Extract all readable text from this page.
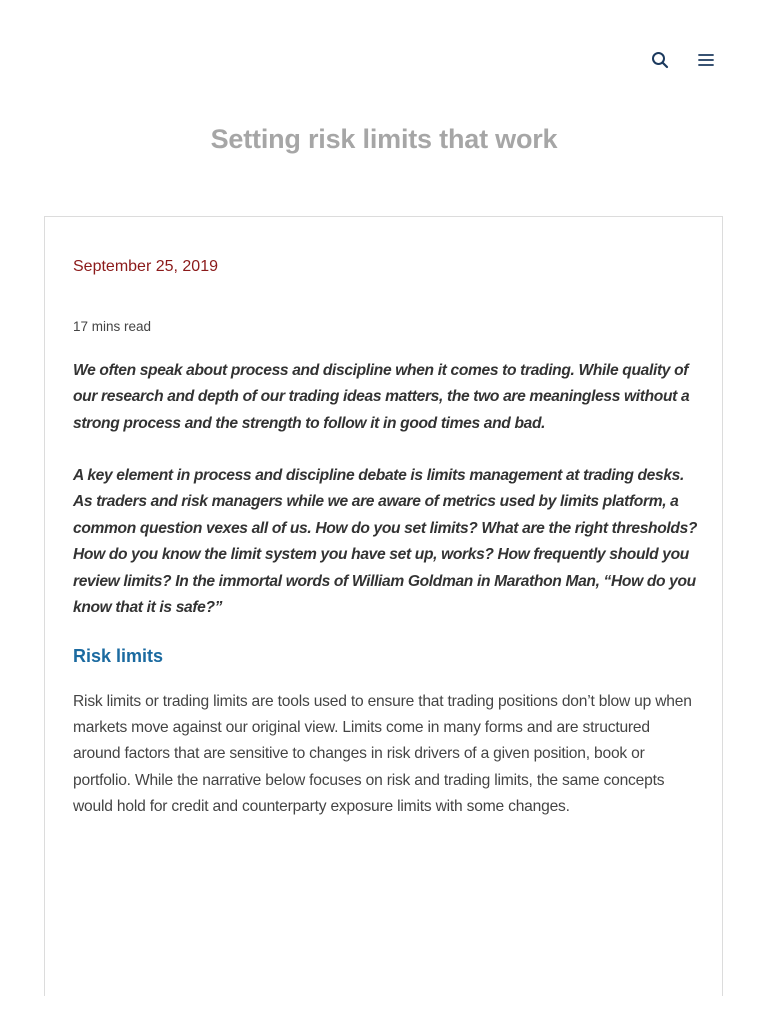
Setting risk limits that work
September 25, 2019
17 mins read

We often speak about process and discipline when it comes to trading. While quality of our research and depth of our trading ideas matters, the two are meaningless without a strong process and the strength to follow it in good times and bad.

A key element in process and discipline debate is limits management at trading desks. As traders and risk managers while we are aware of metrics used by limits platform, a common question vexes all of us. How do you set limits? What are the right thresholds? How do you know the limit system you have set up, works? How frequently should you review limits? In the immortal words of William Goldman in Marathon Man, “How do you know that it is safe?”

Risk limits

Risk limits or trading limits are tools used to ensure that trading positions don’t blow up when markets move against our original view. Limits come in many forms and are structured around factors that are sensitive to changes in risk drivers of a given position, book or portfolio. While the narrative below focuses on risk and trading limits, the same concepts would hold for credit and counterparty exposure limits with some changes.
